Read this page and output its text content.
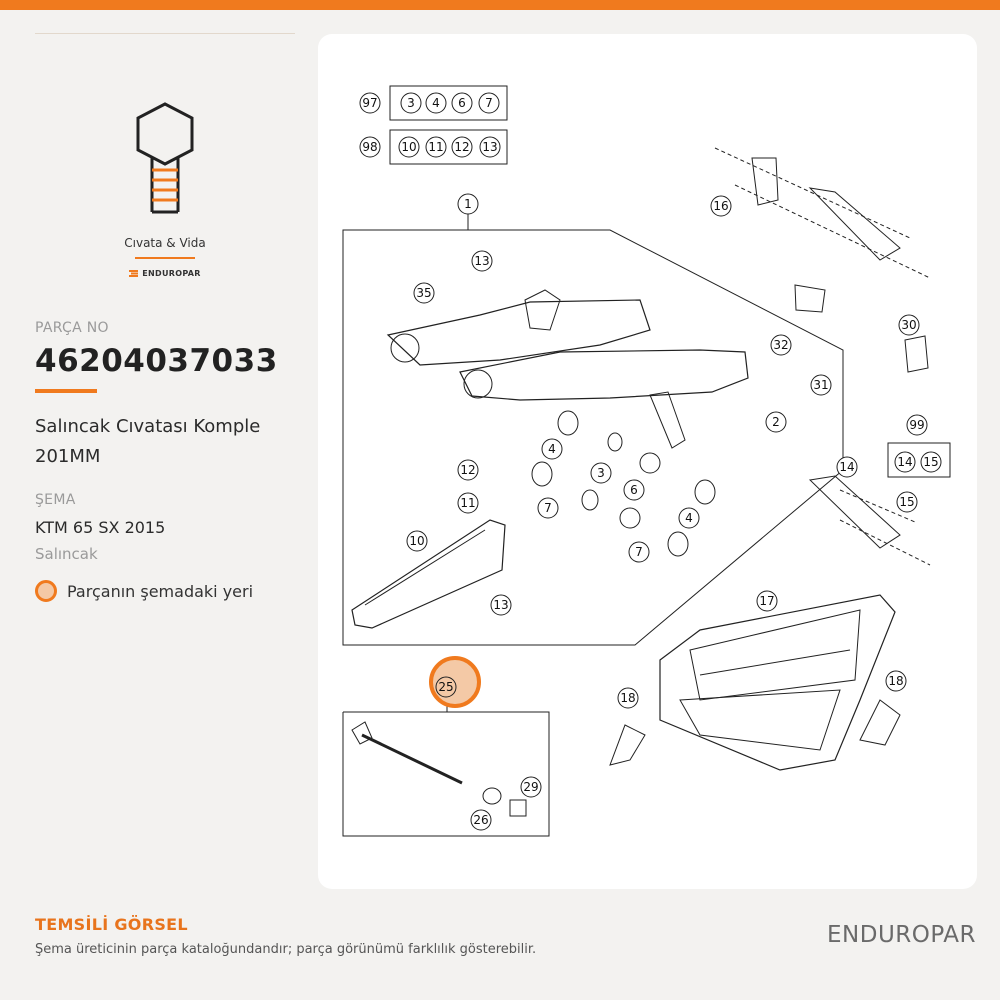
Cıvata & Vida
ENDUROPAR
PARÇA NO
46204037033
Salıncak Cıvatası Komple 201MM
ŞEMA
KTM 65 SX 2015
Salıncak
Parçanın şemadaki yeri
97 3 4 6 7
98 10 11 12 13
1	16
13
35
30
32
31
2
4
3
6
4
12
11	7
7
14
99
14 15
15
10
13	17
18
18
25
29
26
TEMSİLİ GÖRSEL
Şema üreticinin parça kataloğundandır; parça görünümü farklılık gösterebilir.
ENDUROPAR
